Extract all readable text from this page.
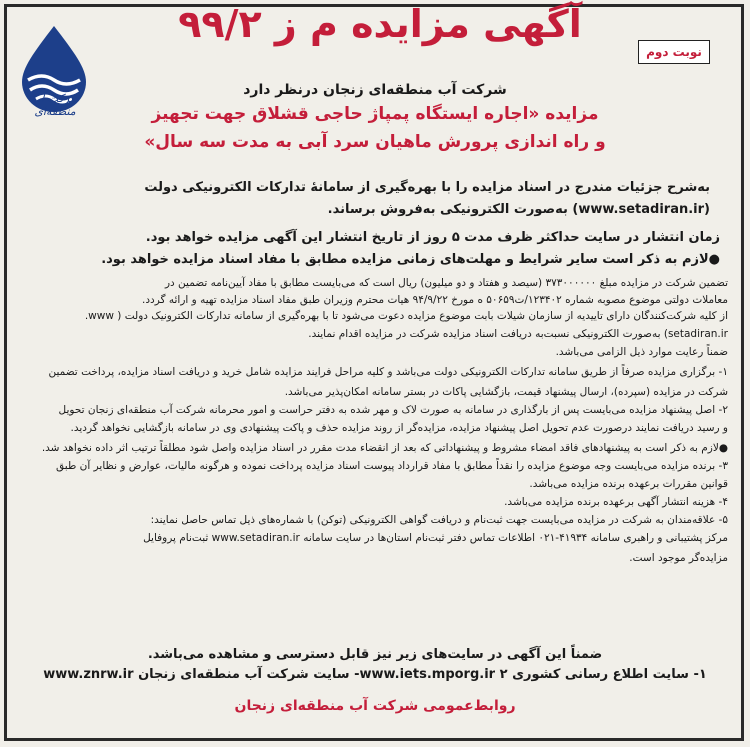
آگهی مزایده م ز ۹۹/۲
شرکت آب منطقه‌ای
نوبت دوم
شرکت آب منطقه‌ای زنجان درنظر دارد
مزایده «اجاره ایستگاه پمپاژ حاجی قشلاق جهت تجهیز
و راه اندازی پرورش ماهیان سرد آبی به مدت سه سال»
به‌شرح جزئیات مندرج در اسناد مزایده را با بهره‌گیری از سامانهٔ تدارکات الکترونیکی دولت
(www.setadiran.ir) به‌صورت الکترونیکی به‌فروش برساند.
زمان انتشار در سایت حداکثر ظرف مدت ۵ روز از تاریخ انتشار این آگهی مزایده خواهد بود.
●لازم به ذکر است سایر شرایط و مهلت‌های زمانی مزایده مطابق با مفاد اسناد مزایده خواهد بود.
تضمین شرکت در مزایده مبلغ ۳۷۳۰۰۰۰۰۰ (سیصد و هفتاد و دو میلیون) ریال است که می‌بایست مطابق با مفاد آیین‌نامه تضمین در
معاملات دولتی موضوع مصوبه شماره ۱۲۳۴۰۲/ت۵۰۶۵۹ ه مورخ ۹۴/۹/۲۲ هیات محترم وزیران طبق مفاد اسناد مزایده تهیه و ارائه گردد.
از کلیه شرکت‌کنندگان دارای تاییدیه از سازمان شیلات بابت موضوع مزایده دعوت می‌شود تا با بهره‌گیری از سامانه تدارکات الکترونیک دولت ( www.
setadiran.ir) به‌صورت الکترونیکی نسبت‌به دریافت اسناد مزایده شرکت در مزایده اقدام نمایند.
ضمناً رعایت موارد ذیل الزامی می‌باشد.
۱- برگزاری مزایده صرفاً از طریق سامانه تدارکات الکترونیکی دولت می‌باشد و کلیه مراحل فرایند مزایده شامل خرید و دریافت اسناد مزایده، پرداخت تضمین
شرکت در مزایده (سپرده)، ارسال پیشنهاد قیمت، بازگشایی پاکات در بستر سامانه امکان‌پذیر می‌باشد.
۲- اصل پیشنهاد مزایده می‌بایست پس از بارگذاری در سامانه به صورت لاک و مهر شده به دفتر حراست و امور محرمانه شرکت آب منطقه‌ای زنجان تحویل
و رسید دریافت نمایند درصورت عدم تحویل اصل پیشنهاد مزایده، مزایده‌گر از روند مزایده حذف و پاکت پیشنهادی وی در سامانه بازگشایی نخواهد گردید.
●لازم به ذکر است به پیشنهادهای فاقد امضاء مشروط و پیشنهاداتی که بعد از انقضاء مدت مقرر در اسناد مزایده واصل شود مطلقاً ترتیب اثر داده نخواهد شد.
۳- برنده مزایده می‌بایست وجه موضوع مزایده را نقداً مطابق با مفاد قرارداد پیوست اسناد مزایده پرداخت نموده و هرگونه مالیات، عوارض و نظایر آن طبق
قوانین مقررات برعهده برنده مزایده می‌باشد.
۴- هزینه انتشار آگهی برعهده برنده مزایده می‌باشد.
۵- علاقه‌مندان به شرکت در مزایده می‌بایست جهت ثبت‌نام و دریافت گواهی الکترونیکی (توکن) با شماره‌های ذیل تماس حاصل نمایند:
مرکز پشتیبانی و راهبری سامانه ۴۱۹۳۴-۰۲۱ اطلاعات تماس دفتر ثبت‌نام استان‌ها در سایت سامانه www.setadiran.ir ثبت‌نام پروفایل
مزایده‌گر موجود است.
ضمناً این آگهی در سایت‌های زیر نیز قابل دسترسی و مشاهده می‌باشد.
۱- سایت اطلاع رسانی کشوری www.iets.mporg.ir ۲- سایت شرکت آب منطقه‌ای زنجان www.znrw.ir
روابط‌عمومی شرکت آب منطقه‌ای زنجان
